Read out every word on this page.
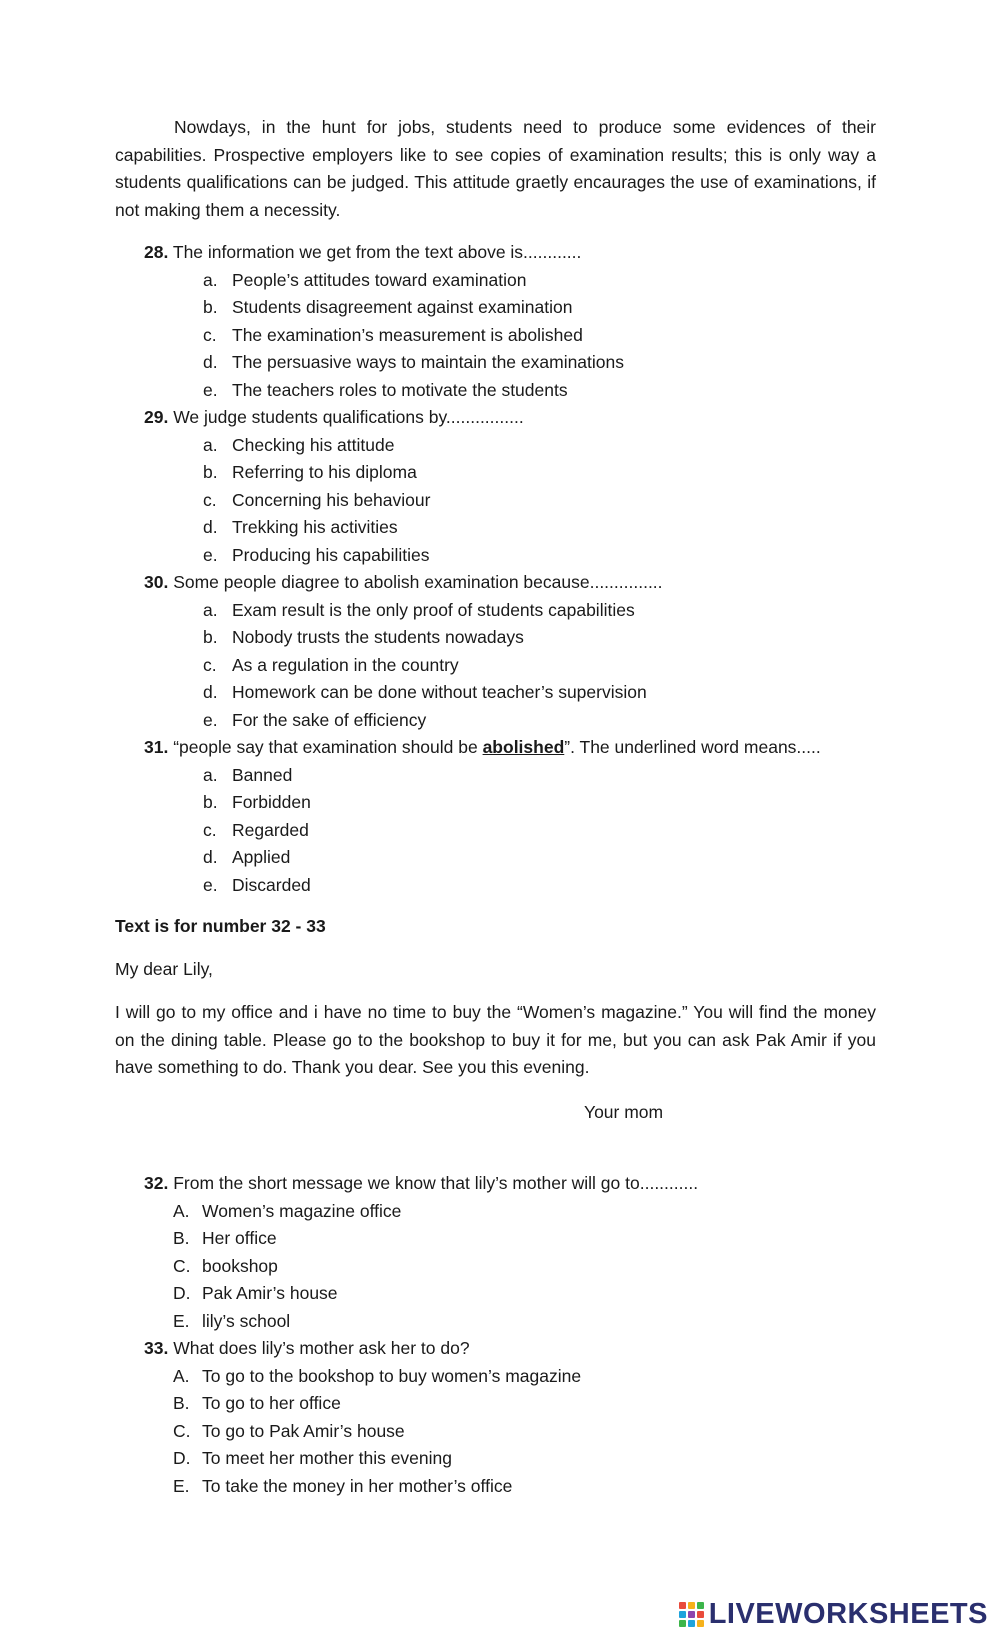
Nowdays, in the hunt for jobs, students need to produce some evidences of their capabilities. Prospective employers like to see copies of examination results; this is only way a students qualifications can be judged. This attitude graetly encaurages the use of examinations, if not making them a necessity.

28. The information we get from the text above is............
a. People’s attitudes toward examination
b. Students disagreement against examination
c. The examination’s measurement is abolished
d. The persuasive ways to maintain the examinations
e. The teachers roles to motivate the students
29. We judge students qualifications by................
a. Checking his attitude
b. Referring to his diploma
c. Concerning his behaviour
d. Trekking his activities
e. Producing his capabilities
30. Some people diagree to abolish examination because...............
a. Exam result is the only proof of students capabilities
b. Nobody trusts the students nowadays
c. As a regulation in the country
d. Homework can be done without teacher’s supervision
e. For the sake of efficiency
31. “people say that examination should be abolished”. The underlined word means.....
a. Banned
b. Forbidden
c. Regarded
d. Applied
e. Discarded
Text is for number 32 - 33
My dear Lily,

I will go to my office and i have no time to buy the “Women’s magazine.” You will find the money on the dining table. Please go to the bookshop to buy it for me, but you can ask Pak Amir if you have something to do. Thank you dear. See you this evening.

Your mom
32. From the short message we know that lily’s mother will go to............
A. Women’s magazine office
B. Her office
C. bookshop
D. Pak Amir’s house
E. lily’s school
33. What does lily’s mother ask her to do?
A. To go to the bookshop to buy women’s magazine
B. To go to her office
C. To go to Pak Amir’s house
D. To meet her mother this evening
E. To take the money in her mother’s office
LIVEWORKSHEETS
